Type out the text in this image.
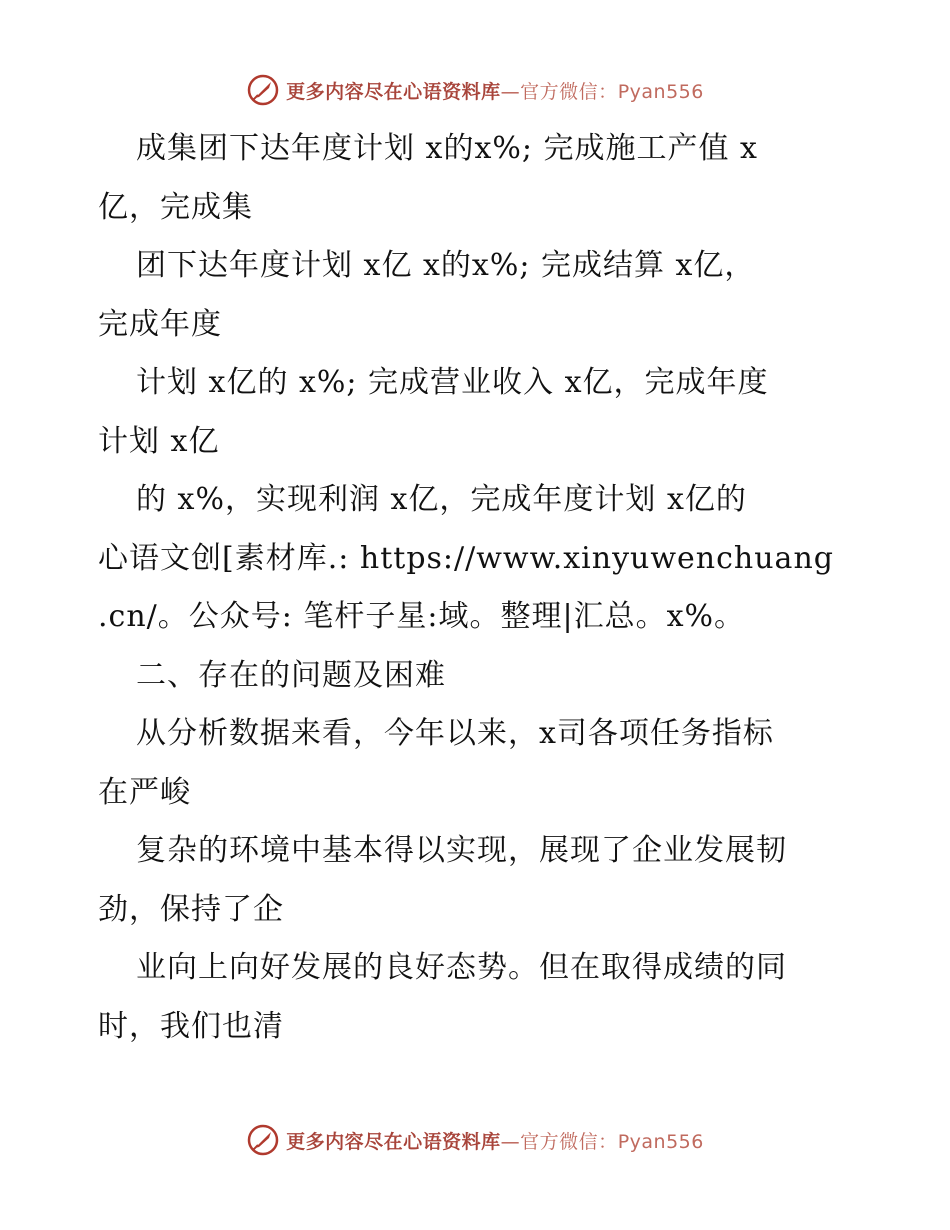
更多内容尽在心语资料库—官方微信：Pyan556
成集团下达年度计划 x的x%; 完成施工产值 x
亿，完成集
团下达年度计划 x亿 x的x%; 完成结算 x亿，
完成年度
计划 x亿的 x%; 完成营业收入 x亿，完成年度
计划 x亿
的 x%，实现利润 x亿，完成年度计划 x亿的
心语文创[素材库.: https://www.xinyuwenchuang
.cn/。公众号: 笔杆子星:域。整理|汇总。x%。
二、存在的问题及困难
从分析数据来看，今年以来，x司各项任务指标
在严峻
复杂的环境中基本得以实现，展现了企业发展韧
劲，保持了企
业向上向好发展的良好态势。但在取得成绩的同
时，我们也清
更多内容尽在心语资料库—官方微信：Pyan556
